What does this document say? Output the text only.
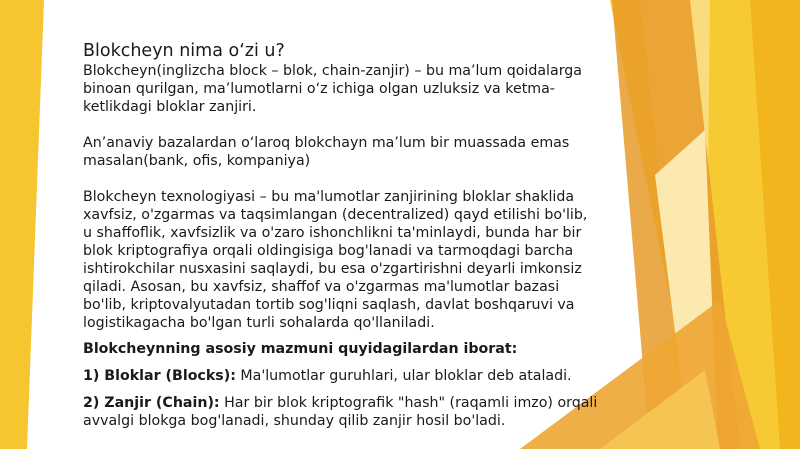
Blokcheyn nima o‘zi u?
Blokcheyn(inglizcha block – blok, chain-zanjir) – bu ma’lum qoidalarga
binoan qurilgan, ma’lumotlarni o‘z ichiga olgan uzluksiz va ketma-
ketlikdagi bloklar zanjiri.
An’anaviy bazalardan o‘laroq blokchayn ma’lum bir muassada emas
masalan(bank, ofis, kompaniya)
Blokcheyn texnologiyasi – bu ma'lumotlar zanjirining bloklar shaklida
xavfsiz, o'zgarmas va taqsimlangan (decentralized) qayd etilishi bo'lib,
u shaffoflik, xavfsizlik va o'zaro ishonchlikni ta'minlaydi, bunda har bir
blok kriptografiya orqali oldingisiga bog'lanadi va tarmoqdagi barcha
ishtirokchilar nusxasini saqlaydi, bu esa o'zgartirishni deyarli imkonsiz
qiladi. Asosan, bu xavfsiz, shaffof va o'zgarmas ma'lumotlar bazasi
bo'lib, kriptovalyutadan tortib sog'liqni saqlash, davlat boshqaruvi va
logistikagacha bo'lgan turli sohalarda qo'llaniladi.
Blokcheynning asosiy mazmuni quyidagilardan iborat:
1) Bloklar (Blocks): Ma'lumotlar guruhlari, ular bloklar deb ataladi.
2) Zanjir (Chain): Har bir blok kriptografik "hash" (raqamli imzo) orqali
avvalgi blokga bog'lanadi, shunday qilib zanjir hosil bo'ladi.
